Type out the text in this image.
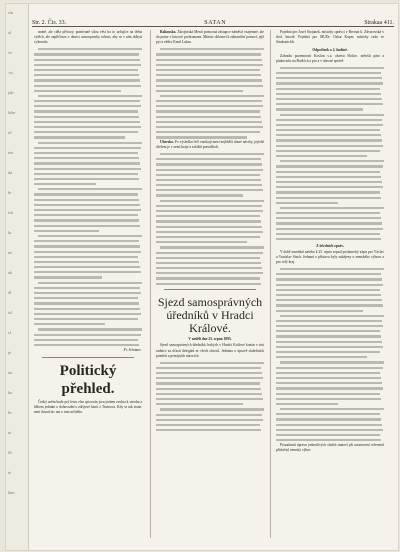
ctn
ol
ve
-iu
jak-
lobe
rd
ieu
da
ře
ich
lu
ne
ak
dl
isl
cl
je
na
ka
bc
to
fli
ie
kim
Str. 2. Čis. 33.	SATAN	Strakaa 411.

nomě, ale ctěla přívozy, pomívaně silou věst ba to určujíce na třeba výtěch, ale zapřičinou v ohnici samospravhy tohoto, aby se s ním dobyti vykonalo.

Fr. Schmarc.
Politický přehled.

Český sněm bude prý letos vlez spisován jsou jeátem zvolna k sezohu a během jednáni o dohovudní o zářijové šanci z Trutnova. Kdy se tak stane, není dosud nic ani o tom určitého.

Rakousko. Zkrojinská Menti pomocná zástupce náměstí vzajemné, ale do pome v krizové prohromaen. Mínistr ohlumví k zahraniční pomocí, jejž pyt a vědec Karel Lukas.

Uhersko. Po výsledku řečí vznikají mezi nejbližší různé návrhy, jejichž účelem je v zemi kraje a zvláště pravidlech.

Sjezd samosprávných úředníků v Hradci Králové.
V neděli dne 25. srpna 1893.

Sjezd samosprávných úředníků českých v Hradci Králové konán v síni radnice za účasti delegátů ze všech okresů. Jednáno o úpravě služebních poměrů a pensijních nárocích.

Pojedná pro Josef Stojanek, místohy správci v Beroun k. Zdvarovská v sled. hmotě. Pojedná pro MUDr. Oskar Kuper, místohy radu ve Strakonicích.

Odpočinek o 2. hodině.

Zahradu pozemnosti Kosčan s.a. okresu Holice, městští páni a plukovníci na Budcích a pro a v obecné správě.

Z úředních zpráv.

V době zasedání našeho k 25. srpnu sepsal poslanecký zápis pro Václav a Vratislav Stach. Jednaní o přístavu byly zahájeny u zemského výboru a pro celý kraj.

Prozatimní úpravu jednotlivých služeb stanoví při ustanovení referentů příslušný zemský výbor.
